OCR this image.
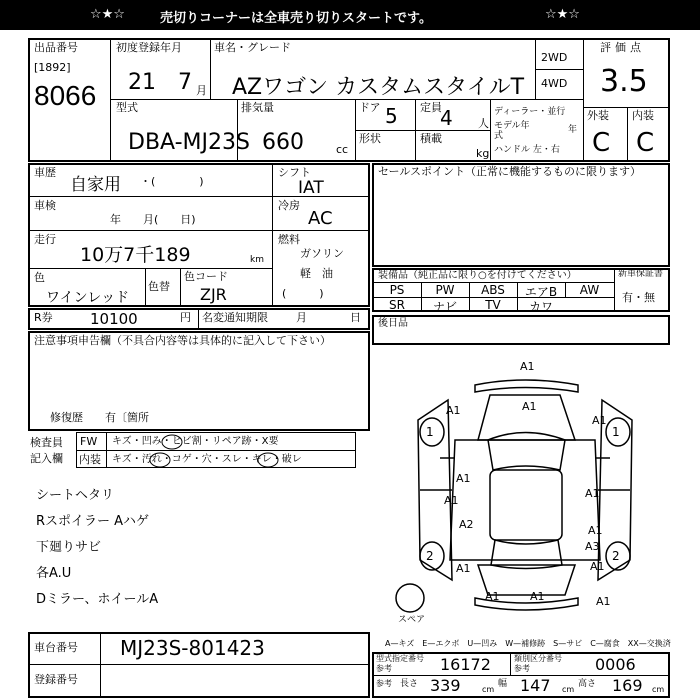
☆★☆	売切りコーナーは全車売り切りスタートです。	☆★☆
出品番号
[1892]
8066
初度登録年月
21 7 月
車名・グレード
AZワゴン カスタムスタイルT
2WD
4WD
評価点
3.5
型式
DBA-MJ23S
排気量
660	cc
ドア 5 定員
4 人
形状	積載
kg
ディーラー・並行
モデル年式
年
ハンドル 左・右
外装 内装
C C
車歴
自家用 ・(　　　　)
車検
年　　月(　　日)
走行
10万7千189	km
色
ワインレッド
色替
色コード
ZJR
シフト
IAT
冷房
AC
燃料
ガソリン
軽　油
(　　　)
R券 10100	円 名変通知期限	月	日
セールスポイント（正常に機能するものに限ります）
装備品（純正品に限り○を付けてください）	新車保証書
有・無
PS	PW	ABS	エアB	AW
SR	ナビ	TV	カワ
後日品
注意事項申告欄（不具合内容等は具体的に記入して下さい）
修復歴　　有〔箇所
検査員
記入欄
FW キズ・凹み・ヒビ割・リペア跡・X要
内装 キズ・汚れ・コゲ・穴・スレ・キレ・破レ
シートヘタリ
Rスポイラー Aハゲ
下廻りサビ
各A.U
Dミラー、ホイールA
A1
A1
A1
A1
A1
A1
A1
A2	A1
A1
A3
A1
A1	A1
A1
1	1
2	2
スペア
A—キズ　E—エクボ　U—凹み　W—補修跡　S—サビ　C—腐食　XX—交換済
車台番号 MJ23S-801423
登録番号
型式指定番号
参考	16172	類別区分番号
参考	0006
参考 長さ 339	cm
幅 147 cm
高さ 169 cm
